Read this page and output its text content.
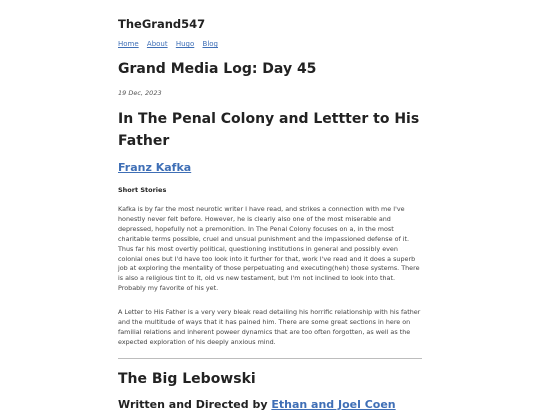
TheGrand547
Home About Hugo Blog
Grand Media Log: Day 45
19 Dec, 2023
In The Penal Colony and Lettter to His Father
Franz Kafka
Short Stories
Kafka is by far the most neurotic writer I have read, and strikes a connection with me I've honestly never felt before. However, he is clearly also one of the most miserable and depressed, hopefully not a premonition. In The Penal Colony focuses on a, in the most charitable terms possible, cruel and unsual punishment and the impassioned defense of it. Thus far his most overtly political, questioning institutions in general and possibly even colonial ones but I'd have too look into it further for that, work I've read and it does a superb job at exploring the mentality of those perpetuating and executing(heh) those systems. There is also a religious tint to it, old vs new testament, but I'm not inclined to look into that. Probably my favorite of his yet.
A Letter to His Father is a very very bleak read detailing his horrific relationship with his father and the multitude of ways that it has pained him. There are some great sections in here on familial relations and inherent poweer dynamics that are too often forgotten, as well as the expected exploration of his deeply anxious mind.
The Big Lebowski
Written and Directed by Ethan and Joel Coen
